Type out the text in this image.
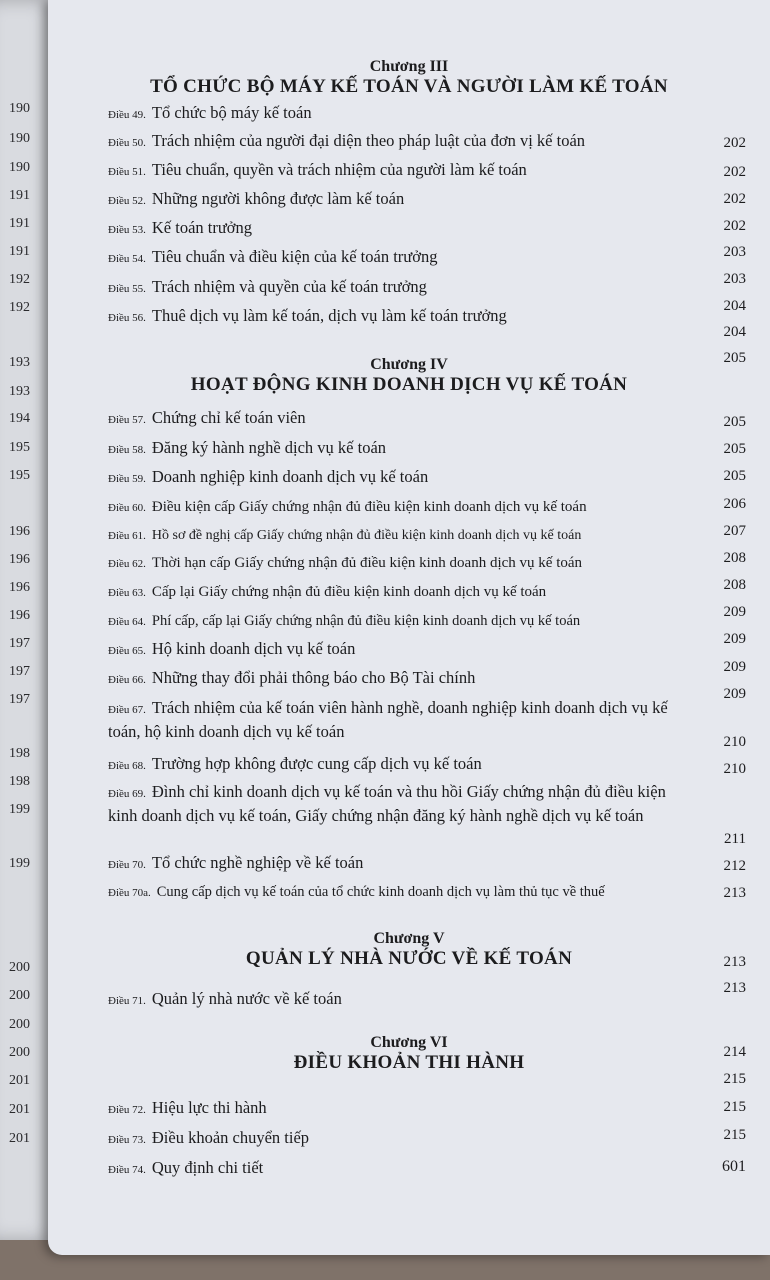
190
190
190
191
191
191
192
192
193
193
194
195
195
196
196
196
196
197
197
197
198
198
199
199
200
200
200
200
201
201
201
Chương III
TỔ CHỨC BỘ MÁY KẾ TOÁN VÀ NGƯỜI LÀM KẾ TOÁN
Điều 49. Tổ chức bộ máy kế toán
Điều 50. Trách nhiệm của người đại diện theo pháp luật của đơn vị kế toán
Điều 51. Tiêu chuẩn, quyền và trách nhiệm của người làm kế toán
Điều 52. Những người không được làm kế toán
Điều 53. Kế toán trưởng
Điều 54. Tiêu chuẩn và điều kiện của kế toán trưởng
Điều 55. Trách nhiệm và quyền của kế toán trưởng
Điều 56. Thuê dịch vụ làm kế toán, dịch vụ làm kế toán trưởng
Chương IV
HOẠT ĐỘNG KINH DOANH DỊCH VỤ KẾ TOÁN
Điều 57. Chứng chỉ kế toán viên
Điều 58. Đăng ký hành nghề dịch vụ kế toán
Điều 59. Doanh nghiệp kinh doanh dịch vụ kế toán
Điều 60. Điều kiện cấp Giấy chứng nhận đủ điều kiện kinh doanh dịch vụ kế toán
Điều 61. Hồ sơ đề nghị cấp Giấy chứng nhận đủ điều kiện kinh doanh dịch vụ kế toán
Điều 62. Thời hạn cấp Giấy chứng nhận đủ điều kiện kinh doanh dịch vụ kế toán
Điều 63. Cấp lại Giấy chứng nhận đủ điều kiện kinh doanh dịch vụ kế toán
Điều 64. Phí cấp, cấp lại Giấy chứng nhận đủ điều kiện kinh doanh dịch vụ kế toán
Điều 65. Hộ kinh doanh dịch vụ kế toán
Điều 66. Những thay đổi phải thông báo cho Bộ Tài chính
Điều 67. Trách nhiệm của kế toán viên hành nghề, doanh nghiệp kinh doanh dịch vụ kế toán, hộ kinh doanh dịch vụ kế toán
Điều 68. Trường hợp không được cung cấp dịch vụ kế toán
Điều 69. Đình chỉ kinh doanh dịch vụ kế toán và thu hồi Giấy chứng nhận đủ điều kiện kinh doanh dịch vụ kế toán, Giấy chứng nhận đăng ký hành nghề dịch vụ kế toán
Điều 70. Tổ chức nghề nghiệp về kế toán
Điều 70a. Cung cấp dịch vụ kế toán của tổ chức kinh doanh dịch vụ làm thủ tục về thuế
Chương V
QUẢN LÝ NHÀ NƯỚC VỀ KẾ TOÁN
Điều 71. Quản lý nhà nước về kế toán
Chương VI
ĐIỀU KHOẢN THI HÀNH
Điều 72. Hiệu lực thi hành
Điều 73. Điều khoản chuyển tiếp
Điều 74. Quy định chi tiết
202
202
202
202
203
203
204
204
205
205
205
205
206
207
208
208
209
209
209
209
210
210
211
212
213
213
213
214
215
215
215
601
